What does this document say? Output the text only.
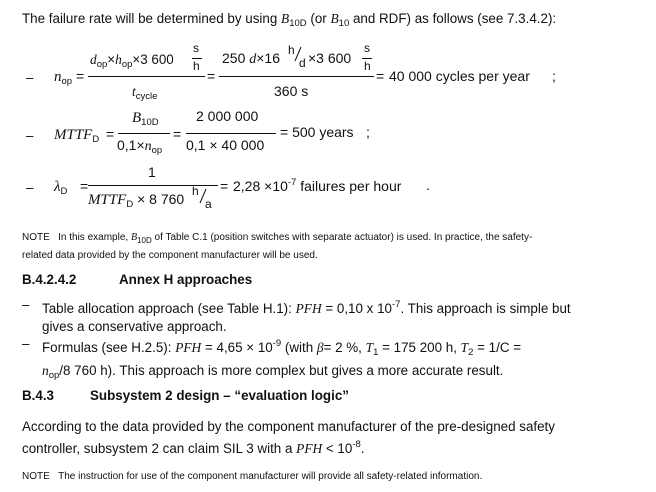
The failure rate will be determined by using $B_{10D}$ (or $B_{10}$ and RDF) as follows (see 7.3.4.2):
– $n_{op}$ =
$d_{op}\times h_{op}\times 3$ 600
s
h
$t_{cycle}$
=
250 d×16 h
d ×3 600
s
h
360 s
= 40 000 cycles per year ;
– $MTTF_D$ =
$B_{10D}$
$0,1\times n_{op}$
=
2 000 000
0,1 × 40 000
= 500 years ;
– $\lambda_D$ =
1
$MTTF_D \times 8$ 760 h
a
= $2,28 \times 10^{-7}$ failures per hour .
NOTE In this example, $B_{10D}$ of Table C.1 (position switches with separate actuator) is used. In practice, the safety-
related data provided by the component manufacturer will be used.
B.4.2.4.2	Annex H approaches
– Table allocation approach (see Table H.1): PFH = 0,10 x $10^{-7}$. This approach is simple but
gives a conservative approach.
– Formulas (see H.2.5): PFH = $4,65 \times 10^{-9}$ (with β= 2 %, $T_1 = 175$ 200 h, $T_2 = 1/C$ =
$n_{op}/8$ 760 h). This approach is more complex but gives a more accurate result.
B.4.3	Subsystem 2 design – “evaluation logic”
According to the data provided by the component manufacturer of the pre-designed safety
controller, subsystem 2 can claim SIL 3 with a PFH < $10^{-8}$.
NOTE The instruction for use of the component manufacturer will provide all safety-related information.
